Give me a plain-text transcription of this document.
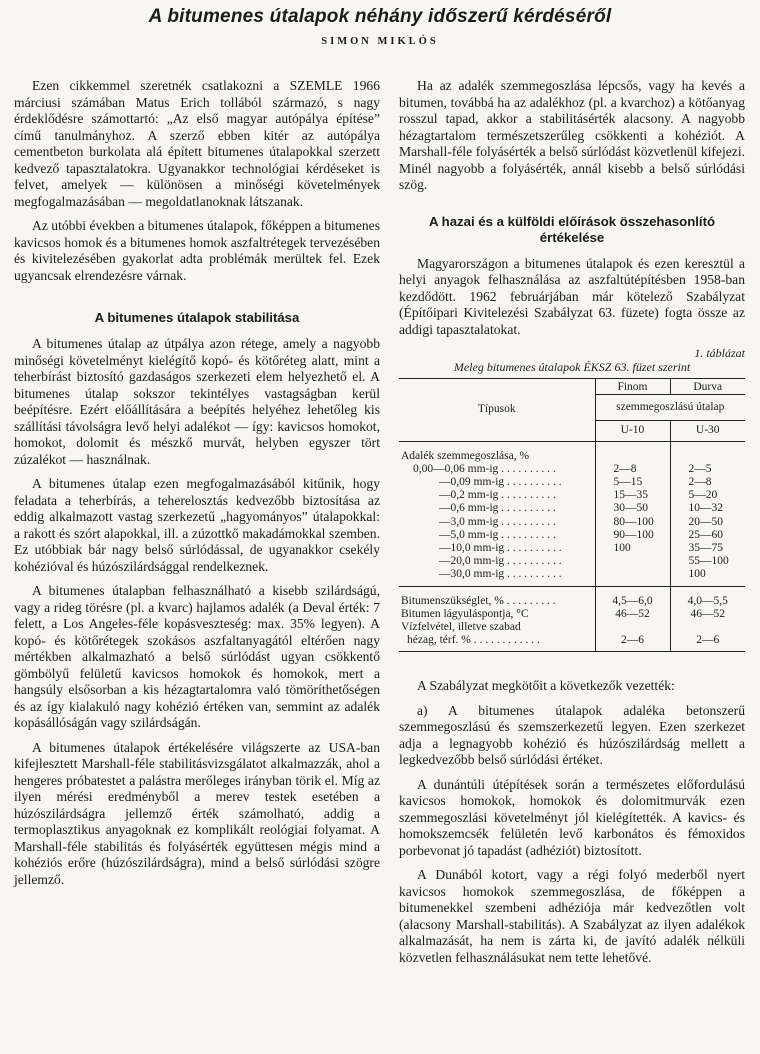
A bitumenes útalapok néhány időszerű kérdéséről
SIMON MIKLÓS

Ezen cikkemmel szeretnék csatlakozni a SZEMLE 1966 márciusi számában Matus Erich tollából származó, s nagy érdeklődésre számottartó: „Az első magyar autópálya építése” című tanulmányhoz. A szerző ebben kitér az autópálya cementbeton burkolata alá épített bitumenes útalapokkal szerzett kedvező tapasztalatokra. Ugyanakkor technológiai kérdéseket is felvet, amelyek — különösen a minőségi követelmények megfogalmazásában — megoldatlanoknak látszanak.

Az utóbbi években a bitumenes útalapok, főképpen a bitumenes kavicsos homok és a bitumenes homok aszfaltrétegek tervezésében és kivitelezésében gyakorlat adta problémák merültek fel. Ezek ugyancsak elrendezésre várnak.

A bitumenes útalapok stabilitása

A bitumenes útalap az útpálya azon rétege, amely a nagyobb minőségi követelményt kielégítő kopó- és kötőréteg alatt, mint a teherbírást biztosító gazdaságos szerkezeti elem helyezhető el. A bitumenes útalap sokszor tekintélyes vastagságban kerül beépítésre. Ezért előállítására a beépítés helyéhez lehetőleg kis szállítási távolságra levő helyi adalékot — így: kavicsos homokot, homokot, dolomit és mészkő murvát, helyben egyszer tört zúzalékot — használnak.

A bitumenes útalap ezen megfogalmazásából kitűnik, hogy feladata a teherbírás, a teherelosztás kedvezőbb biztosítása az eddig alkalmazott vastag szerkezetű „hagyományos” útalapokkal: a rakott és szórt alapokkal, ill. a zúzottkő makadámokkal szemben. Ez utóbbiak bár nagy belső súrlódással, de ugyanakkor csekély kohézióval és húzószilárdsággal rendelkeznek.

A bitumenes útalapban felhasználható a kisebb szilárdságú, vagy a rideg törésre (pl. a kvarc) hajlamos adalék (a Deval érték: 7 felett, a Los Angeles-féle kopásveszteség: max. 35% legyen). A kopó- és kötőrétegek szokásos aszfaltanyagától eltérően nagy mértékben alkalmazható a belső súrlódást ugyan csökkentő gömbölyű felületű kavicsos homokok és homokok, mert a hangsúly elsősorban a kis hézagtartalomra való tömöríthetőségen és az így kialakuló nagy kohézió értéken van, semmint az adalék kopásállóságán vagy szilárdságán.

A bitumenes útalapok értékelésére világszerte az USA-ban kifejlesztett Marshall-féle stabilitásvizsgálatot alkalmazzák, ahol a hengeres próbatestet a palástra merőleges irányban törik el. Míg az ilyen mérési eredményből a merev testek esetében a húzószilárdságra jellemző érték számolható, addig a termoplasztikus anyagoknak ez komplikált reológiai folyamat. A Marshall-féle stabilitás és folyásérték együttesen mégis mind a kohéziós erőre (húzószilárdságra), mind a belső súrlódási szögre jellemző.

Ha az adalék szemmegoszlása lépcsős, vagy ha kevés a bitumen, továbbá ha az adalékhoz (pl. a kvarchoz) a kötőanyag rosszul tapad, akkor a stabilitásérték alacsony. A nagyobb hézagtartalom természetszerűleg csökkenti a kohéziót. A Marshall-féle folyásérték a belső súrlódást közvetlenül kifejezi. Minél nagyobb a folyásérték, annál kisebb a belső súrlódási szög.

A hazai és a külföldi előírások összehasonlító értékelése

Magyarországon a bitumenes útalapok és ezen keresztül a helyi anyagok felhasználása az aszfaltútépítésben 1958-ban kezdődött. 1962 februárjában már kötelező Szabályzat (Építőipari Kivitelezési Szabályzat 63. füzete) fogta össze az addigi tapasztalatokat.

1. táblázat
Meleg bitumenes útalapok ÉKSZ 63. füzet szerint
Típusok	Finom	Durva
	szemmegoszlású útalap	
	U-10	U-30
Adalék szemmegoszlása, %		

0,00—0,06 mm-ig . . . . . . . . . .	2—8	2—5

—0,09 mm-ig . . . . . . . . . .	5—15	2—8

—0,2 mm-ig . . . . . . . . . .	15—35	5—20

—0,6 mm-ig . . . . . . . . . .	30—50	10—32

—3,0 mm-ig . . . . . . . . . .	80—100	20—50

—5,0 mm-ig . . . . . . . . . .	90—100	25—60

—10,0 mm-ig . . . . . . . . . .	100	35—75

—20,0 mm-ig . . . . . . . . . .		55—100

—30,0 mm-ig . . . . . . . . . .		100

Bitumenszükséglet, % . . . . . . . . .	4,5—6,0	4,0—5,5
Bitumen lágyuláspontja, °C	46—52	46—52
Vízfelvétel, illetve szabad		

hézag, térf. % . . . . . . . . . . . .	2—6	2—6

A Szabályzat megkötőit a következők vezették:

a) A bitumenes útalapok adaléka betonszerű szemmegoszlású és szemszerkezetű legyen. Ezen szerkezet adja a legnagyobb kohézió és húzószilárdság mellett a legkedvezőbb belső súrlódási értéket.

A dunántúli útépítések során a természetes előfordulású kavicsos homokok, homokok és dolomitmurvák ezen szemmegoszlási követelményt jól kielégítették. A kavics- és homokszemcsék felületén levő karbonátos és fémoxidos porbevonat jó tapadást (adhéziót) biztosított.

A Dunából kotort, vagy a régi folyó mederből nyert kavicsos homokok szemmegoszlása, de főképpen a bitumenekkel szembeni adhéziója már kedvezőtlen volt (alacsony Marshall-stabilitás). A Szabályzat az ilyen adalékok alkalmazását, ha nem is zárta ki, de javító adalék nélküli közvetlen felhasználásukat nem tette lehetővé.
